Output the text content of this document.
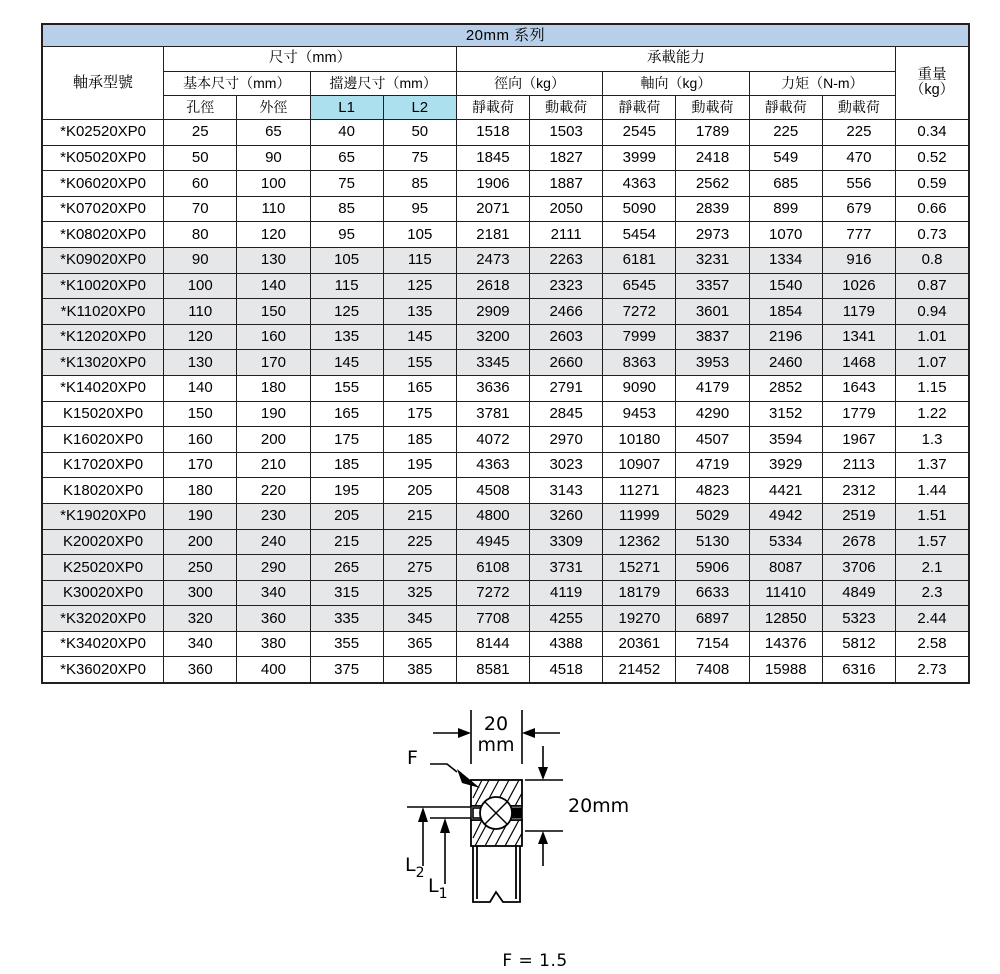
20mm 系列											
軸承型號	尺寸（mm）				承載能力						重量
（kg）

	基本尺寸（mm）		擋邊尺寸（mm）		徑向（kg）		軸向（kg）		力矩（N-m）		
	孔徑	外徑	L1	L2	靜載荷	動載荷	靜載荷	動載荷	靜載荷	動載荷	
*K02520XP0	25	65	40	50	1518	1503	2545	1789	225	225	0.34
*K05020XP0	50	90	65	75	1845	1827	3999	2418	549	470	0.52
*K06020XP0	60	100	75	85	1906	1887	4363	2562	685	556	0.59
*K07020XP0	70	110	85	95	2071	2050	5090	2839	899	679	0.66
*K08020XP0	80	120	95	105	2181	2111	5454	2973	1070	777	0.73
*K09020XP0	90	130	105	115	2473	2263	6181	3231	1334	916	0.8
*K10020XP0	100	140	115	125	2618	2323	6545	3357	1540	1026	0.87
*K11020XP0	110	150	125	135	2909	2466	7272	3601	1854	1179	0.94
*K12020XP0	120	160	135	145	3200	2603	7999	3837	2196	1341	1.01
*K13020XP0	130	170	145	155	3345	2660	8363	3953	2460	1468	1.07
*K14020XP0	140	180	155	165	3636	2791	9090	4179	2852	1643	1.15
K15020XP0	150	190	165	175	3781	2845	9453	4290	3152	1779	1.22
K16020XP0	160	200	175	185	4072	2970	10180	4507	3594	1967	1.3
K17020XP0	170	210	185	195	4363	3023	10907	4719	3929	2113	1.37
K18020XP0	180	220	195	205	4508	3143	11271	4823	4421	2312	1.44
*K19020XP0	190	230	205	215	4800	3260	11999	5029	4942	2519	1.51
K20020XP0	200	240	215	225	4945	3309	12362	5130	5334	2678	1.57
K25020XP0	250	290	265	275	6108	3731	15271	5906	8087	3706	2.1
K30020XP0	300	340	315	325	7272	4119	18179	6633	11410	4849	2.3
*K32020XP0	320	360	335	345	7708	4255	19270	6897	12850	5323	2.44
*K34020XP0	340	380	355	365	8144	4388	20361	7154	14376	5812	2.58
*K36020XP0	360	400	375	385	8581	4518	21452	7408	15988	6316	2.73
20
mm
20mm
F
$L_2$
$L_1$
F = 1.5
